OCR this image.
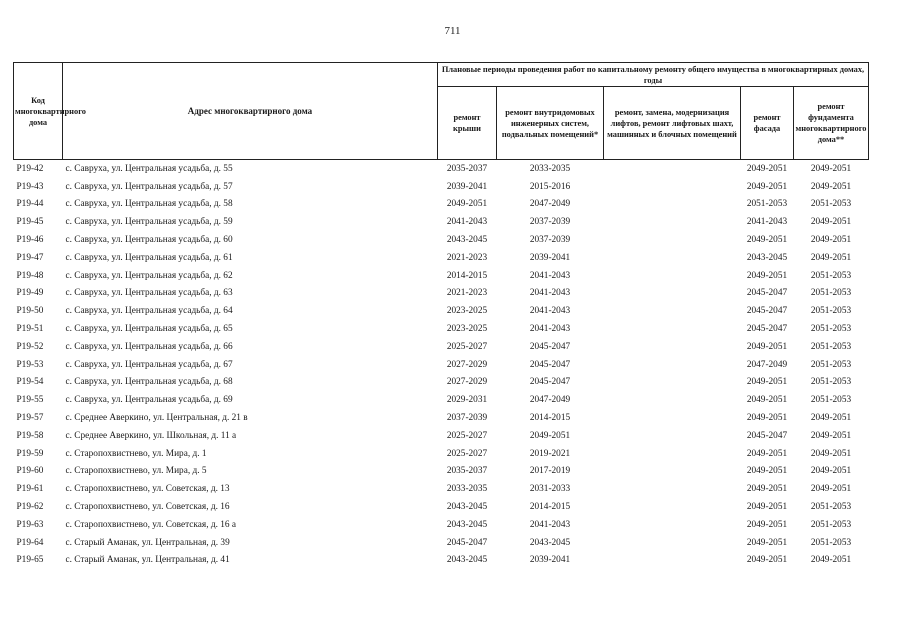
711
Код многоквартирного дома	Адрес многоквартирного дома	Плановые периоды проведения работ по капитальному ремонту общего имущества в многоквартирных домах, годы				
		ремонт крыши	ремонт внутридомовых инженерных систем, подвальных помещений*	ремонт, замена, модернизация лифтов, ремонт лифтовых шахт, машинных и блочных помещений	ремонт фасада	ремонт фундамента многоквартирного дома**
P19-42	с. Савруха, ул. Центральная усадьба, д. 55	2035-2037	2033-2035		2049-2051	2049-2051
P19-43	с. Савруха, ул. Центральная усадьба, д. 57	2039-2041	2015-2016		2049-2051	2049-2051
P19-44	с. Савруха, ул. Центральная усадьба, д. 58	2049-2051	2047-2049		2051-2053	2051-2053
P19-45	с. Савруха, ул. Центральная усадьба, д. 59	2041-2043	2037-2039		2041-2043	2049-2051
P19-46	с. Савруха, ул. Центральная усадьба, д. 60	2043-2045	2037-2039		2049-2051	2049-2051
P19-47	с. Савруха, ул. Центральная усадьба, д. 61	2021-2023	2039-2041		2043-2045	2049-2051
P19-48	с. Савруха, ул. Центральная усадьба, д. 62	2014-2015	2041-2043		2049-2051	2051-2053
P19-49	с. Савруха, ул. Центральная усадьба, д. 63	2021-2023	2041-2043		2045-2047	2051-2053
P19-50	с. Савруха, ул. Центральная усадьба, д. 64	2023-2025	2041-2043		2045-2047	2051-2053
P19-51	с. Савруха, ул. Центральная усадьба, д. 65	2023-2025	2041-2043		2045-2047	2051-2053
P19-52	с. Савруха, ул. Центральная усадьба, д. 66	2025-2027	2045-2047		2049-2051	2051-2053
P19-53	с. Савруха, ул. Центральная усадьба, д. 67	2027-2029	2045-2047		2047-2049	2051-2053
P19-54	с. Савруха, ул. Центральная усадьба, д. 68	2027-2029	2045-2047		2049-2051	2051-2053
P19-55	с. Савруха, ул. Центральная усадьба, д. 69	2029-2031	2047-2049		2049-2051	2051-2053
P19-57	с. Среднее Аверкино, ул. Центральная, д. 21 в	2037-2039	2014-2015		2049-2051	2049-2051
P19-58	с. Среднее Аверкино, ул. Школьная, д. 11 а	2025-2027	2049-2051		2045-2047	2049-2051
P19-59	с. Старопохвистнево, ул. Мира, д. 1	2025-2027	2019-2021		2049-2051	2049-2051
P19-60	с. Старопохвистнево, ул. Мира, д. 5	2035-2037	2017-2019		2049-2051	2049-2051
P19-61	с. Старопохвистнево, ул. Советская, д. 13	2033-2035	2031-2033		2049-2051	2049-2051
P19-62	с. Старопохвистнево, ул. Советская, д. 16	2043-2045	2014-2015		2049-2051	2051-2053
P19-63	с. Старопохвистнево, ул. Советская, д. 16 а	2043-2045	2041-2043		2049-2051	2051-2053
P19-64	с. Старый Аманак, ул. Центральная, д. 39	2045-2047	2043-2045		2049-2051	2051-2053
P19-65	с. Старый Аманак, ул. Центральная, д. 41	2043-2045	2039-2041		2049-2051	2049-2051
